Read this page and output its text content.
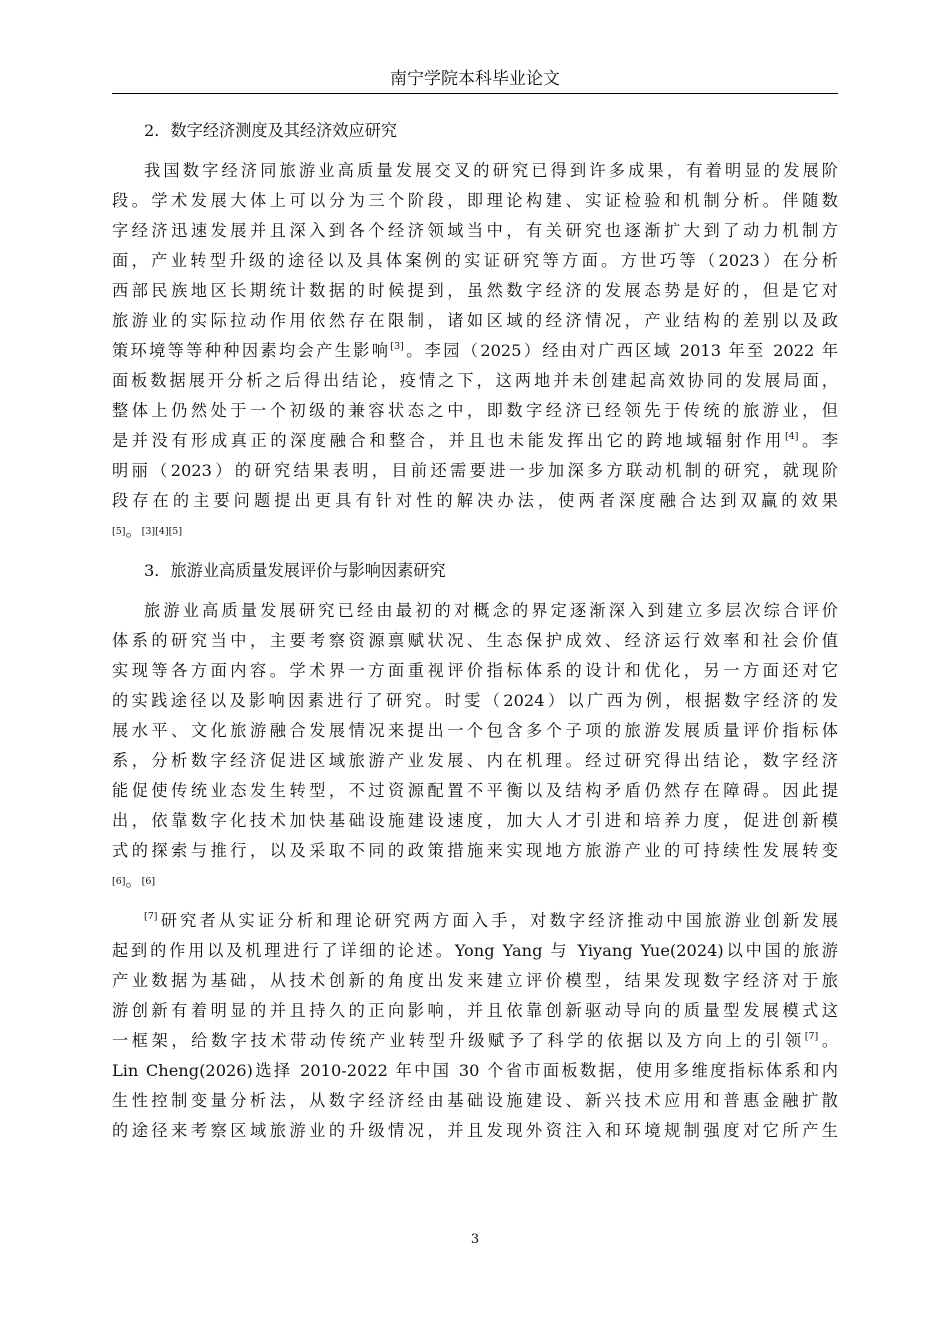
南宁学院本科毕业论文
2．数字经济测度及其经济效应研究
我国数字经济同旅游业高质量发展交叉的研究已得到许多成果，有着明显的发展阶
段。学术发展大体上可以分为三个阶段，即理论构建、实证检验和机制分析。伴随数
字经济迅速发展并且深入到各个经济领域当中，有关研究也逐渐扩大到了动力机制方
面，产业转型升级的途径以及具体案例的实证研究等方面。方世巧等（2023）在分析
西部民族地区长期统计数据的时候提到，虽然数字经济的发展态势是好的，但是它对
旅游业的实际拉动作用依然存在限制，诸如区域的经济情况，产业结构的差别以及政
策环境等等种种因素均会产生影响[3]。李园（2025）经由对广西区域 2013 年至 2022 年
面板数据展开分析之后得出结论，疫情之下，这两地并未创建起高效协同的发展局面，
整体上仍然处于一个初级的兼容状态之中，即数字经济已经领先于传统的旅游业，但
是并没有形成真正的深度融合和整合，并且也未能发挥出它的跨地域辐射作用[4]。李
明丽（2023）的研究结果表明，目前还需要进一步加深多方联动机制的研究，就现阶
段存在的主要问题提出更具有针对性的解决办法，使两者深度融合达到双赢的效果
[5]。[3][4][5]
3．旅游业高质量发展评价与影响因素研究
旅游业高质量发展研究已经由最初的对概念的界定逐渐深入到建立多层次综合评价
体系的研究当中，主要考察资源禀赋状况、生态保护成效、经济运行效率和社会价值
实现等各方面内容。学术界一方面重视评价指标体系的设计和优化，另一方面还对它
的实践途径以及影响因素进行了研究。时雯（2024）以广西为例，根据数字经济的发
展水平、文化旅游融合发展情况来提出一个包含多个子项的旅游发展质量评价指标体
系，分析数字经济促进区域旅游产业发展、内在机理。经过研究得出结论，数字经济
能促使传统业态发生转型，不过资源配置不平衡以及结构矛盾仍然存在障碍。因此提
出，依靠数字化技术加快基础设施建设速度，加大人才引进和培养力度，促进创新模
式的探索与推行，以及采取不同的政策措施来实现地方旅游产业的可持续性发展转变
[6]。[6]
[7]研究者从实证分析和理论研究两方面入手，对数字经济推动中国旅游业创新发展
起到的作用以及机理进行了详细的论述。Yong Yang 与 Yiyang Yue(2024)以中国的旅游
产业数据为基础，从技术创新的角度出发来建立评价模型，结果发现数字经济对于旅
游创新有着明显的并且持久的正向影响，并且依靠创新驱动导向的质量型发展模式这
一框架，给数字技术带动传统产业转型升级赋予了科学的依据以及方向上的引领[7]。
Lin Cheng(2026)选择 2010-2022 年中国 30 个省市面板数据，使用多维度指标体系和内
生性控制变量分析法，从数字经济经由基础设施建设、新兴技术应用和普惠金融扩散
的途径来考察区域旅游业的升级情况，并且发现外资注入和环境规制强度对它所产生
3
